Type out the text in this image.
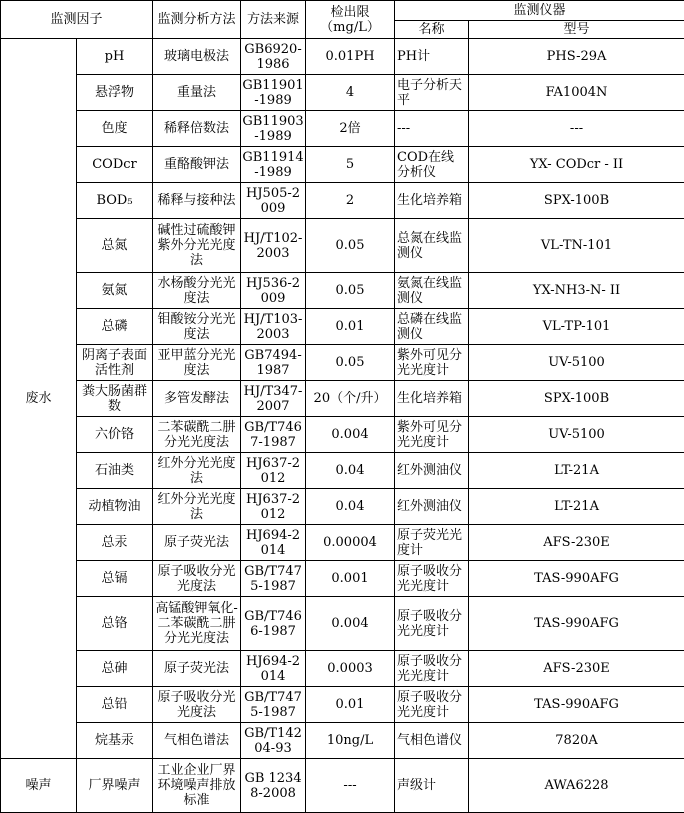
监测因子		监测分析方法	方法来源	检出限
（mg/L）	监测仪器	
					名称	型号
废水	pH	玻璃电极法	GB6920-1986	0.01PH	PH计	PHS-29A
	悬浮物	重量法	GB11901-1989	4	电子分析天平	FA1004N
	色度	稀释倍数法	GB11903-1989	2倍	---	---
	CODcr	重酪酸钾法	GB11914-1989	5	COD在线分析仪	YX- CODcr - II
	BOD₅	稀释与接种法	HJ505-2009	2	生化培养箱	SPX-100B
	总氮	碱性过硫酸钾紫外分光光度法	HJ/T102-2003	0.05	总氮在线监测仪	VL-TN-101
	氨氮	水杨酸分光光度法	HJ536-2009	0.05	氨氮在线监测仪	YX-NH3-N- II
	总磷	钼酸铵分光光度法	HJ/T103-2003	0.01	总磷在线监测仪	VL-TP-101
	阴离子表面活性剂	亚甲蓝分光光度法	GB7494-1987	0.05	紫外可见分光光度计	UV-5100
	粪大肠菌群数	多管发酵法	HJ/T347-2007	20（个/升）	生化培养箱	SPX-100B
	六价铬	二苯碳酰二肼分光光度法	GB/T7467-1987	0.004	紫外可见分光光度计	UV-5100
	石油类	红外分光光度法	HJ637-2012	0.04	红外测油仪	LT-21A
	动植物油	红外分光光度法	HJ637-2012	0.04	红外测油仪	LT-21A
	总汞	原子荧光法	HJ694-2014	0.00004	原子荧光光度计	AFS-230E
	总镉	原子吸收分光光度法	GB/T7475-1987	0.001	原子吸收分光光度计	TAS-990AFG
	总铬	高锰酸钾氧化-二苯碳酰二肼分光光度法	GB/T7466-1987	0.004	原子吸收分光光度计	TAS-990AFG
	总砷	原子荧光法	HJ694-2014	0.0003	原子吸收分光光度计	AFS-230E
	总铅	原子吸收分光光度法	GB/T7475-1987	0.01	原子吸收分光光度计	TAS-990AFG
	烷基汞	气相色谱法	GB/T14204-93	10ng/L	气相色谱仪	7820A
噪声	厂界噪声	工业企业厂界环境噪声排放标准	GB 12348-2008	---	声级计	AWA6228
